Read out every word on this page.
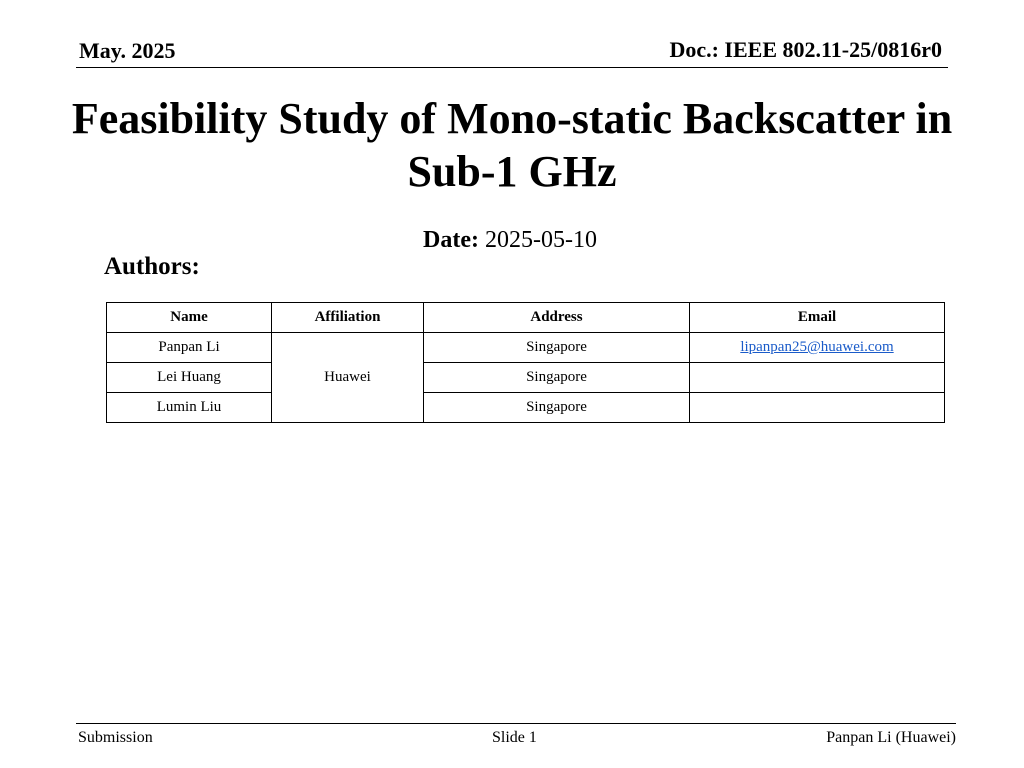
May. 2025	Doc.: IEEE 802.11-25/0816r0
Feasibility Study of Mono-static Backscatter in
Sub-1 GHz
Date: 2025-05-10
Authors:
Name	Affiliation	Address	Email
Panpan Li	Huawei	Singapore	lipanpan25@huawei.com
Lei Huang		Singapore	
Lumin Liu		Singapore	
Submission	Slide 1	Panpan Li (Huawei)
